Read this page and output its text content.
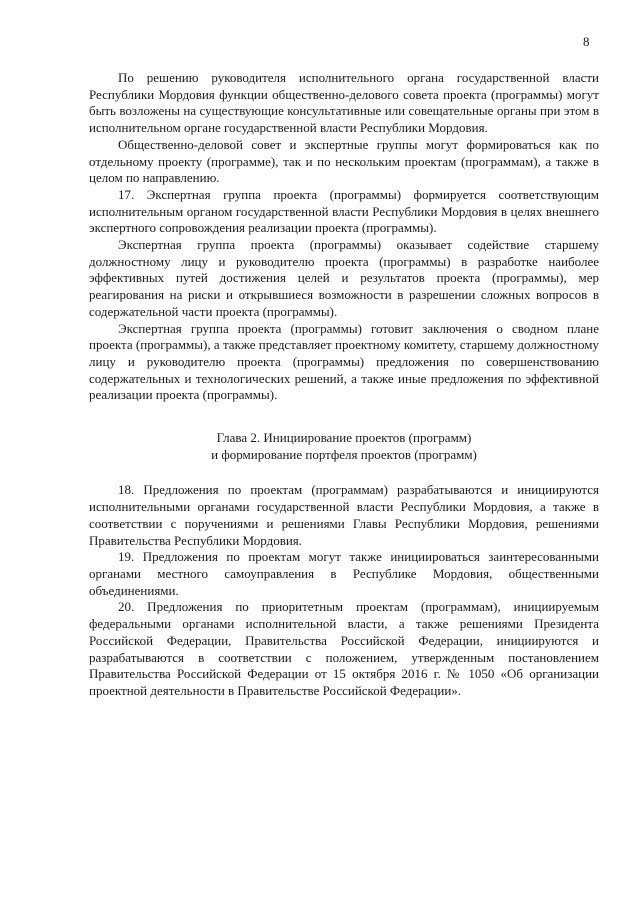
8

По решению руководителя исполнительного органа государственной власти Республики Мордовия функции общественно-делового совета проекта (программы) могут быть возложены на существующие консультативные или совещательные органы при этом в исполнительном органе государственной власти Республики Мордовия.

Общественно-деловой совет и экспертные группы могут формироваться как по отдельному проекту (программе), так и по нескольким проектам (программам), а также в целом по направлению.

17. Экспертная группа проекта (программы) формируется соответствующим исполнительным органом государственной власти Республики Мордовия в целях внешнего экспертного сопровождения реализации проекта (программы).

Экспертная группа проекта (программы) оказывает содействие старшему должностному лицу и руководителю проекта (программы) в разработке наиболее эффективных путей достижения целей и результатов проекта (программы), мер реагирования на риски и открывшиеся возможности в разрешении сложных вопросов в содержательной части проекта (программы).

Экспертная группа проекта (программы) готовит заключения о сводном плане проекта (программы), а также представляет проектному комитету, старшему должностному лицу и руководителю проекта (программы) предложения по совершенствованию содержательных и технологических решений, а также иные предложения по эффективной реализации проекта (программы).

Глава 2. Инициирование проектов (программ)
и формирование портфеля проектов (программ)

18. Предложения по проектам (программам) разрабатываются и инициируются исполнительными органами государственной власти Республики Мордовия, а также в соответствии с поручениями и решениями Главы Республики Мордовия, решениями Правительства Республики Мордовия.

19. Предложения по проектам могут также инициироваться заинтересованными органами местного самоуправления в Республике Мордовия, общественными объединениями.

20. Предложения по приоритетным проектам (программам), инициируемым федеральными органами исполнительной власти, а также решениями Президента Российской Федерации, Правительства Российской Федерации, инициируются и разрабатываются в соответствии с положением, утвержденным постановлением Правительства Российской Федерации от 15 октября 2016 г. № 1050 «Об организации проектной деятельности в Правительстве Российской Федерации».
